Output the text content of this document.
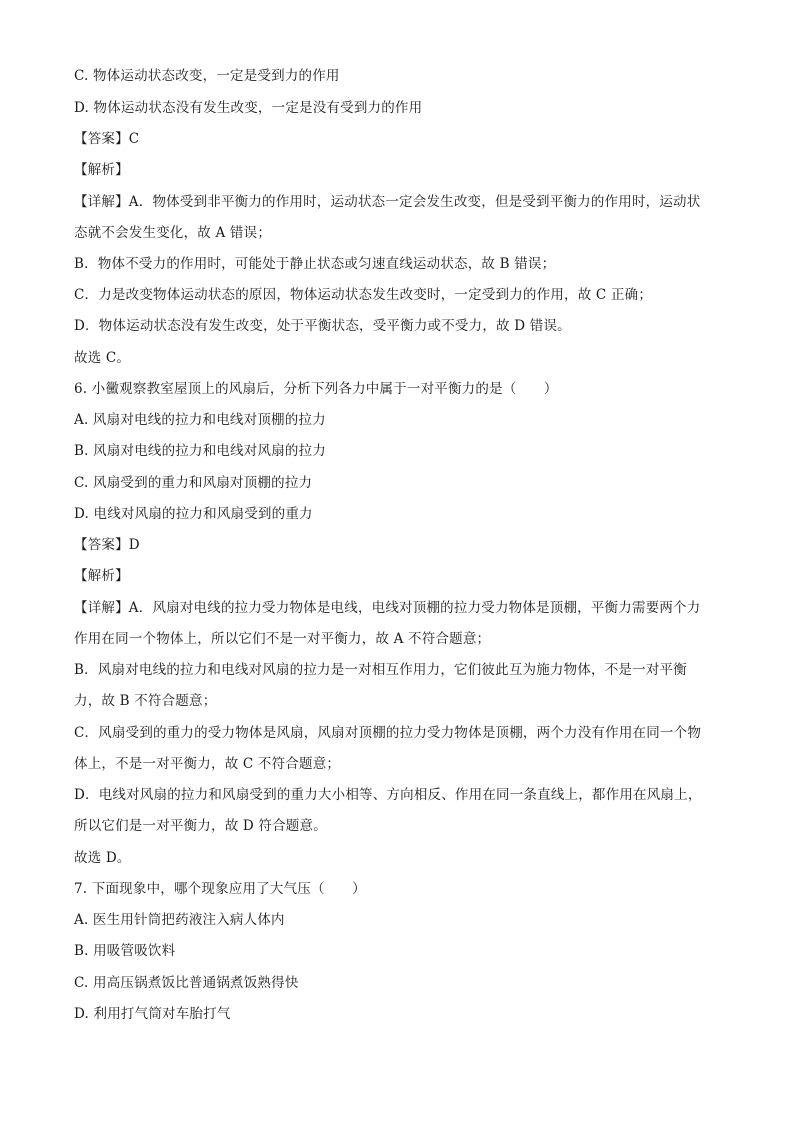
C. 物体运动状态改变，一定是受到力的作用
D. 物体运动状态没有发生改变，一定是没有受到力的作用
【答案】C
【解析】
【详解】A．物体受到非平衡力的作用时，运动状态一定会发生改变，但是受到平衡力的作用时，运动状
态就不会发生变化，故 A 错误；
B．物体不受力的作用时，可能处于静止状态或匀速直线运动状态，故 B 错误；
C．力是改变物体运动状态的原因，物体运动状态发生改变时，一定受到力的作用，故 C 正确；
D．物体运动状态没有发生改变，处于平衡状态，受平衡力或不受力，故 D 错误。
故选 C。
6. 小黴观察教室屋顶上的风扇后，分析下列各力中属于一对平衡力的是（　　）
A. 风扇对电线的拉力和电线对顶棚的拉力
B. 风扇对电线的拉力和电线对风扇的拉力
C. 风扇受到的重力和风扇对顶棚的拉力
D. 电线对风扇的拉力和风扇受到的重力
【答案】D
【解析】
【详解】A．风扇对电线的拉力受力物体是电线，电线对顶棚的拉力受力物体是顶棚，平衡力需要两个力
作用在同一个物体上，所以它们不是一对平衡力，故 A 不符合题意；
B．风扇对电线的拉力和电线对风扇的拉力是一对相互作用力，它们彼此互为施力物体，不是一对平衡
力，故 B 不符合题意；
C．风扇受到的重力的受力物体是风扇，风扇对顶棚的拉力受力物体是顶棚，两个力没有作用在同一个物
体上，不是一对平衡力，故 C 不符合题意；
D．电线对风扇的拉力和风扇受到的重力大小相等、方向相反、作用在同一条直线上，都作用在风扇上，
所以它们是一对平衡力，故 D 符合题意。
故选 D。
7. 下面现象中，哪个现象应用了大气压（　　）
A. 医生用针筒把药液注入病人体内
B. 用吸管吸饮料
C. 用高压锅煮饭比普通锅煮饭熟得快
D. 利用打气筒对车胎打气
